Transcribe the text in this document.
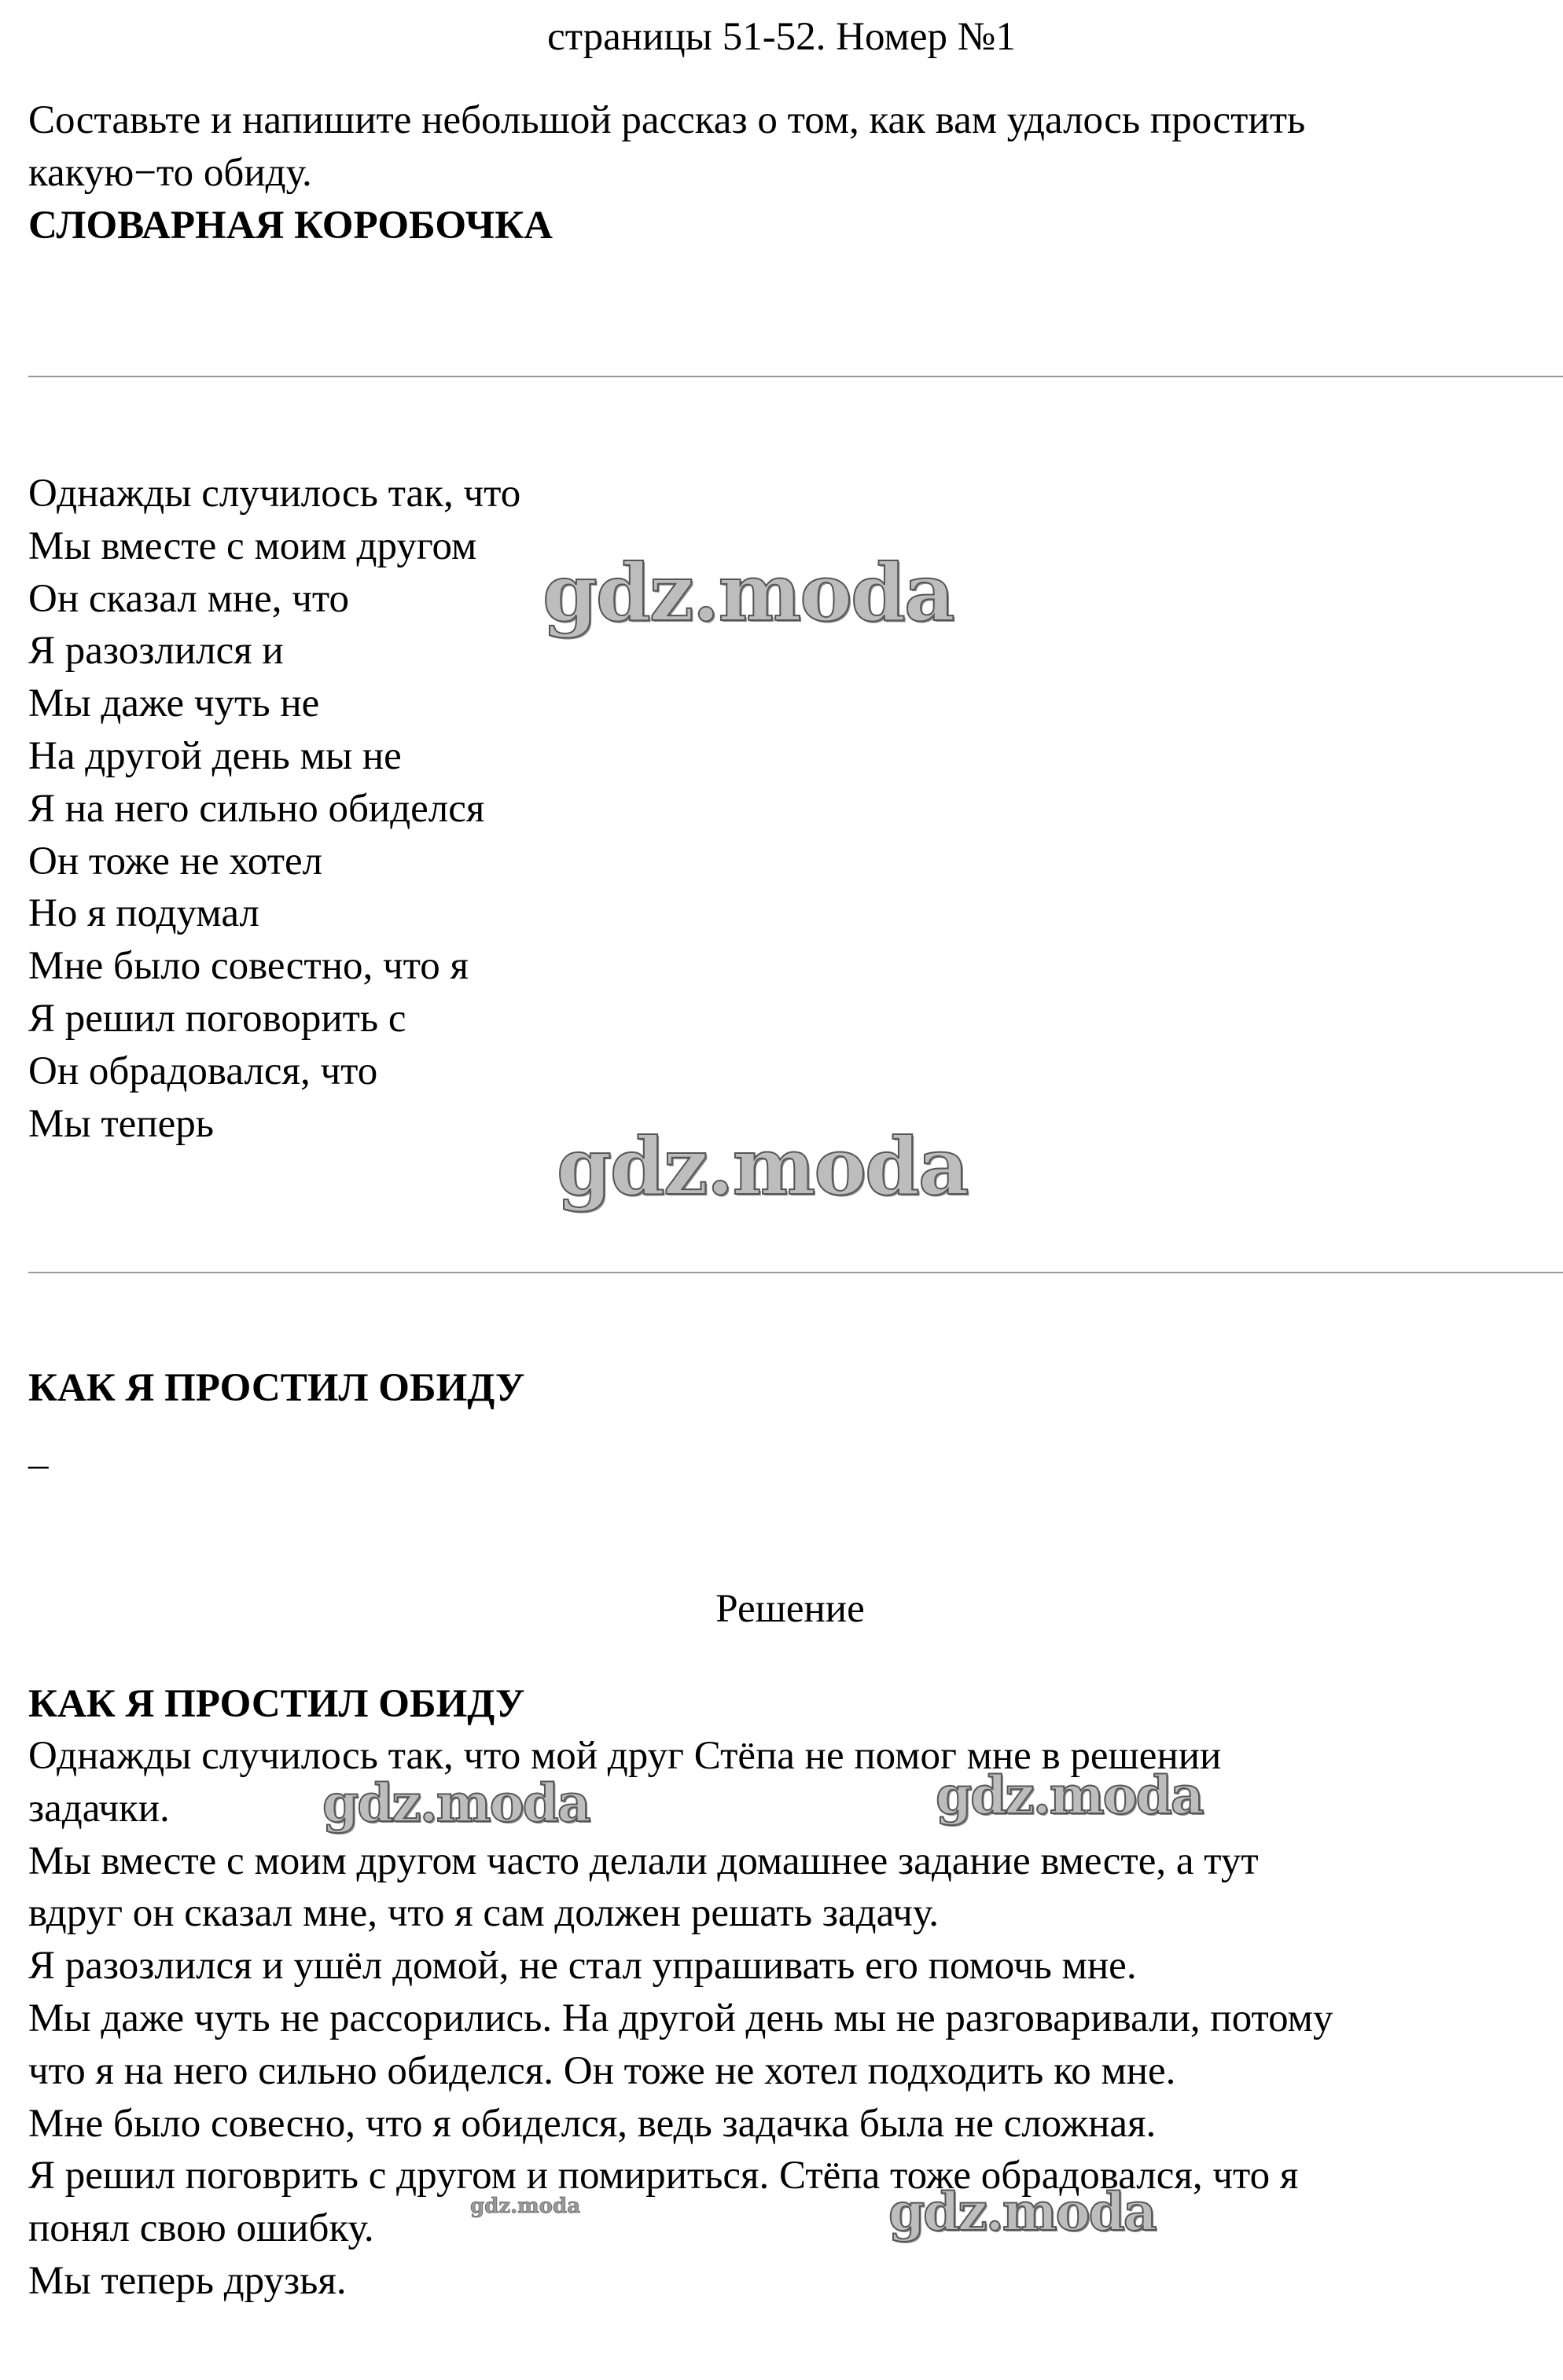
страницы 51-52. Номер №1
Составьте и напишите небольшой рассказ о том, как вам удалось простить
какую−то обиду.
СЛОВАРНАЯ КОРОБОЧКА
Однажды случилось так, что
Мы вместе с моим другом
Он сказал мне, что
Я разозлился и
Мы даже чуть не
На другой день мы не
Я на него сильно обиделся
Он тоже не хотел
Но я подумал
Мне было совестно, что я
Я решил поговорить с
Он обрадовался, что
Мы теперь
КАК Я ПРОСТИЛ ОБИДУ
–
Решение
КАК Я ПРОСТИЛ ОБИДУ
Однажды случилось так, что мой друг Стёпа не помог мне в решении
задачки.
Мы вместе с моим другом часто делали домашнее задание вместе, а тут
вдруг он сказал мне, что я сам должен решать задачу.
Я разозлился и ушёл домой, не стал упрашивать его помочь мне.
Мы даже чуть не рассорились. На другой день мы не разговаривали, потому
что я на него сильно обиделся. Он тоже не хотел подходить ко мне.
Мне было совесно, что я обиделся, ведь задачка была не сложная.
Я решил поговрить с другом и помириться. Стёпа тоже обрадовался, что я
понял свою ошибку.
Мы теперь друзья.
gdz.moda
gdz.moda
gdz.moda	gdz.moda
gdz.moda
gdz.moda
